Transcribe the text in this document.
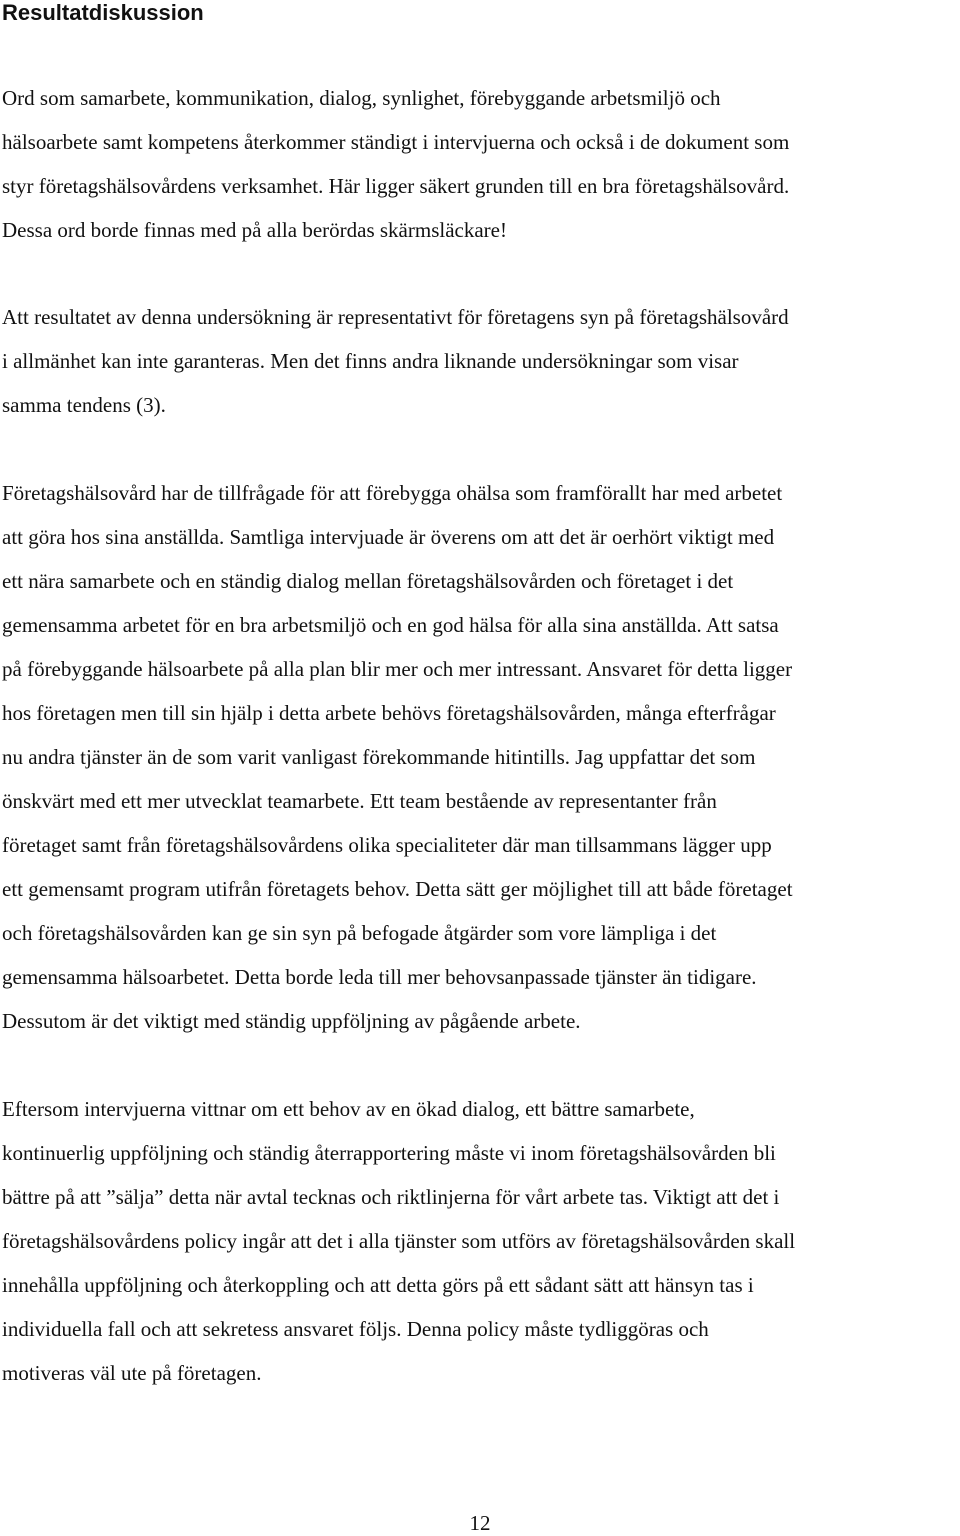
Resultatdiskussion

Ord som samarbete, kommunikation, dialog, synlighet, förebyggande arbetsmiljö och
hälsoarbete samt kompetens återkommer ständigt i intervjuerna och också i de dokument som
styr företagshälsovårdens verksamhet. Här ligger säkert grunden till en bra företagshälsovård.
Dessa ord borde finnas med på alla berördas skärmsläckare!

Att resultatet av denna undersökning är representativt för företagens syn på företagshälsovård
i allmänhet kan inte garanteras. Men det finns andra liknande undersökningar som visar
samma tendens (3).

Företagshälsovård har de tillfrågade för att förebygga ohälsa som framförallt har med arbetet
att göra hos sina anställda. Samtliga intervjuade är överens om att det är oerhört viktigt med
ett nära samarbete och en ständig dialog mellan företagshälsovården och företaget i det
gemensamma arbetet för en bra arbetsmiljö och en god hälsa för alla sina anställda. Att satsa
på förebyggande hälsoarbete på alla plan blir mer och mer intressant. Ansvaret för detta ligger
hos företagen men till sin hjälp i detta arbete behövs företagshälsovården, många efterfrågar
nu andra tjänster än de som varit vanligast förekommande hitintills. Jag uppfattar det som
önskvärt med ett mer utvecklat teamarbete. Ett team bestående av representanter från
företaget samt från företagshälsovårdens olika specialiteter där man tillsammans lägger upp
ett gemensamt program utifrån företagets behov. Detta sätt ger möjlighet till att både företaget
och företagshälsovården kan ge sin syn på befogade åtgärder som vore lämpliga i det
gemensamma hälsoarbetet. Detta borde leda till mer behovsanpassade tjänster än tidigare.
Dessutom är det viktigt med ständig uppföljning av pågående arbete.

Eftersom intervjuerna vittnar om ett behov av en ökad dialog, ett bättre samarbete,
kontinuerlig uppföljning och ständig återrapportering måste vi inom företagshälsovården bli
bättre på att ”sälja” detta när avtal tecknas och riktlinjerna för vårt arbete tas. Viktigt att det i
företagshälsovårdens policy ingår att det i alla tjänster som utförs av företagshälsovården skall
innehålla uppföljning och återkoppling och att detta görs på ett sådant sätt att hänsyn tas i
individuella fall och att sekretess ansvaret följs. Denna policy måste tydliggöras och
motiveras väl ute på företagen.

12
